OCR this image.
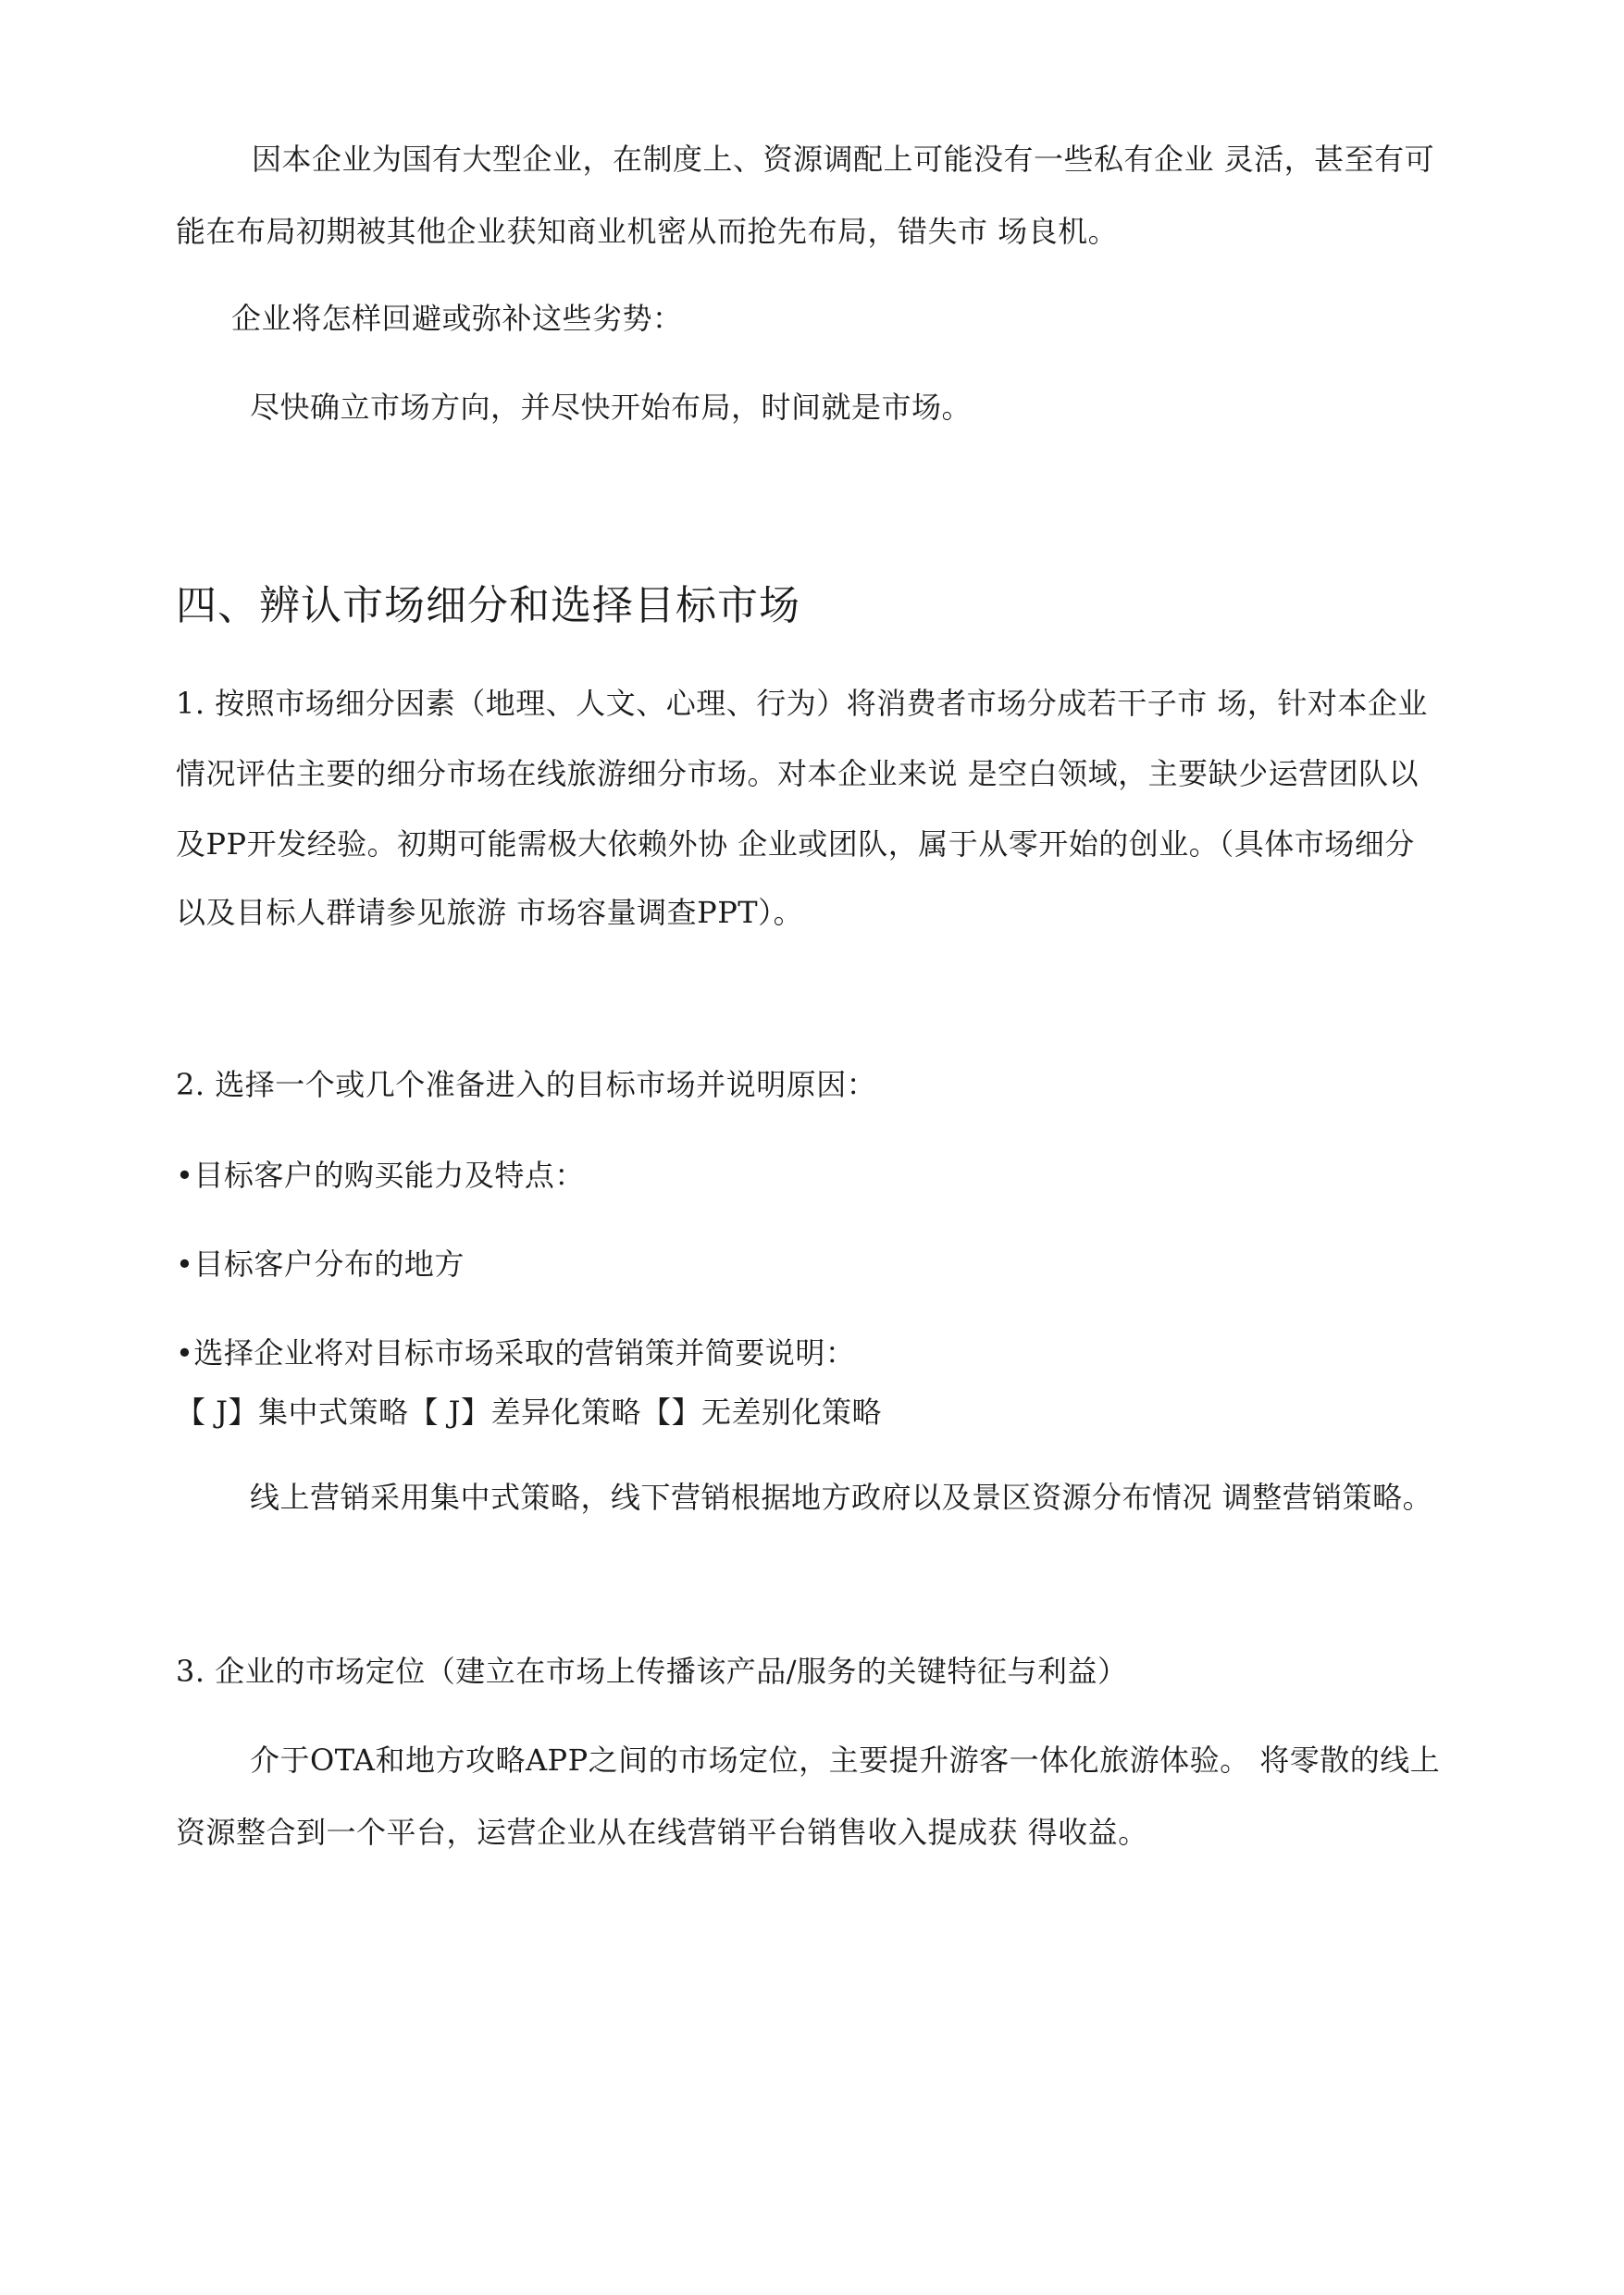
因本企业为国有大型企业，在制度上、资源调配上可能没有一些私有企业 灵活，甚至有可
能在布局初期被其他企业获知商业机密从而抢先布局，错失市 场良机。
企业将怎样回避或弥补这些劣势：
尽快确立市场方向，并尽快开始布局，时间就是市场。
四、辨认市场细分和选择目标市场
1. 按照市场细分因素（地理、人文、心理、行为）将消费者市场分成若干子市 场，针对本企业
情况评估主要的细分市场在线旅游细分市场。对本企业来说 是空白领域，主要缺少运营团队以
及PP开发经验。初期可能需极大依赖外协 企业或团队，属于从零开始的创业。（具体市场细分
以及目标人群请参见旅游 市场容量调查PPT）。
2. 选择一个或几个准备进入的目标市场并说明原因：
•目标客户的购买能力及特点：
•目标客户分布的地方
•选择企业将对目标市场采取的营销策并简要说明：
【 J】集中式策略【 J】差异化策略【】无差别化策略
线上营销采用集中式策略，线下营销根据地方政府以及景区资源分布情况 调整营销策略。
3. 企业的市场定位（建立在市场上传播该产品/服务的关键特征与利益）
介于OTA和地方攻略APP之间的市场定位，主要提升游客一体化旅游体验。 将零散的线上
资源整合到一个平台，运营企业从在线营销平台销售收入提成获 得收益。
